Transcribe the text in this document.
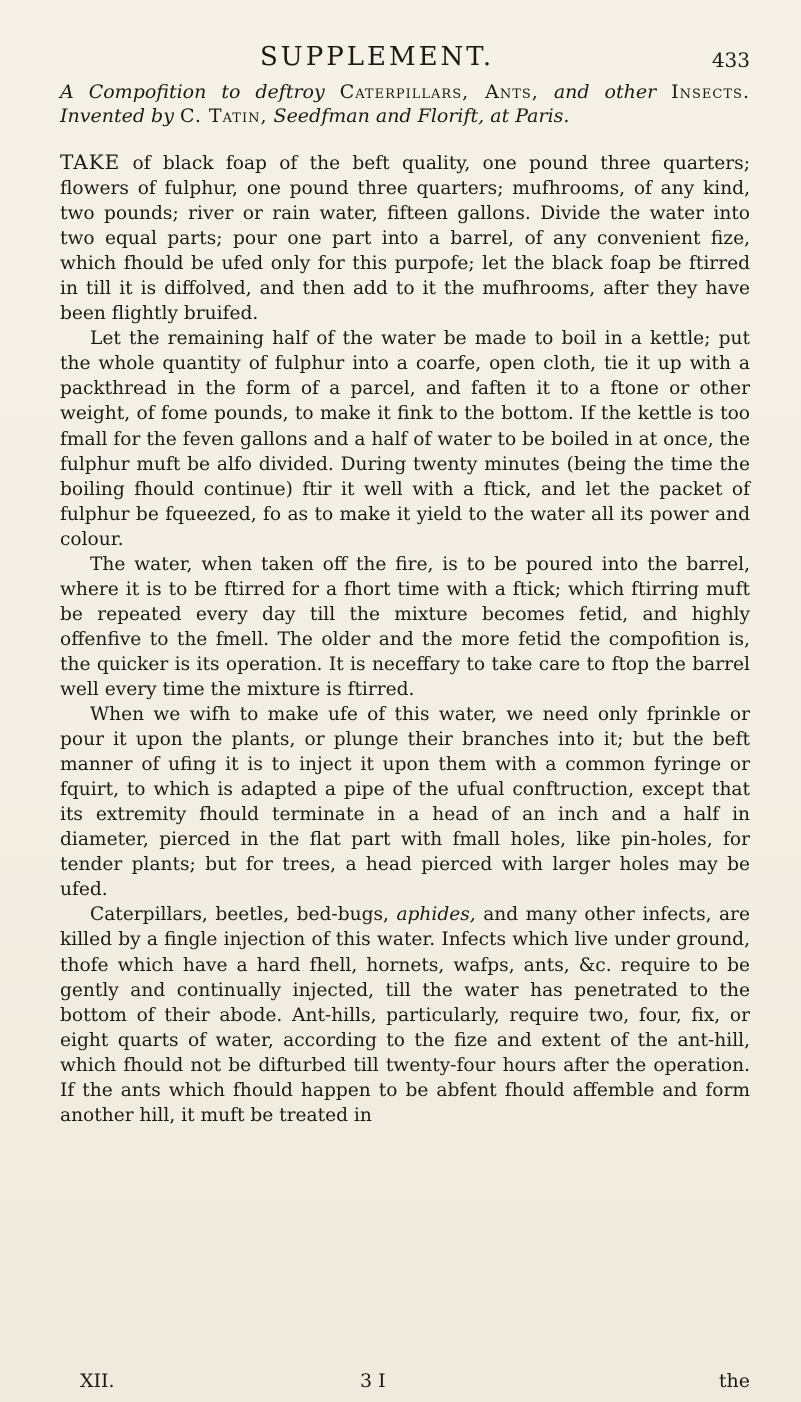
SUPPLEMENT.	433
A Compofition to deftroy Caterpillars, Ants, and other Insects. Invented by C. Tatin, Seedfman and Florift, at Paris.

TAKE of black foap of the beft quality, one pound three quarters; flowers of fulphur, one pound three quarters; mufhrooms, of any kind, two pounds; river or rain water, fifteen gallons. Divide the water into two equal parts; pour one part into a barrel, of any convenient fize, which fhould be ufed only for this purpofe; let the black foap be ftirred in till it is diffolved, and then add to it the mufhrooms, after they have been flightly bruifed.

Let the remaining half of the water be made to boil in a kettle; put the whole quantity of fulphur into a coarfe, open cloth, tie it up with a packthread in the form of a parcel, and faften it to a ftone or other weight, of fome pounds, to make it fink to the bottom. If the kettle is too fmall for the feven gallons and a half of water to be boiled in at once, the fulphur muft be alfo divided. During twenty minutes (being the time the boiling fhould continue) ftir it well with a ftick, and let the packet of fulphur be fqueezed, fo as to make it yield to the water all its power and colour.

The water, when taken off the fire, is to be poured into the barrel, where it is to be ftirred for a fhort time with a ftick; which ftirring muft be repeated every day till the mixture becomes fetid, and highly offenfive to the fmell. The older and the more fetid the compofition is, the quicker is its operation. It is neceffary to take care to ftop the barrel well every time the mixture is ftirred.

When we wifh to make ufe of this water, we need only fprinkle or pour it upon the plants, or plunge their branches into it; but the beft manner of ufing it is to inject it upon them with a common fyringe or fquirt, to which is adapted a pipe of the ufual conftruction, except that its extremity fhould terminate in a head of an inch and a half in diameter, pierced in the flat part with fmall holes, like pin-holes, for tender plants; but for trees, a head pierced with larger holes may be ufed.

Caterpillars, beetles, bed-bugs, aphides, and many other infects, are killed by a fingle injection of this water. Infects which live under ground, thofe which have a hard fhell, hornets, wafps, ants, &c. require to be gently and continually injected, till the water has penetrated to the bottom of their abode. Ant-hills, particularly, require two, four, fix, or eight quarts of water, according to the fize and extent of the ant-hill, which fhould not be difturbed till twenty-four hours after the operation. If the ants which fhould happen to be abfent fhould affemble and form another hill, it muft be treated in

XII.	3 I	the
